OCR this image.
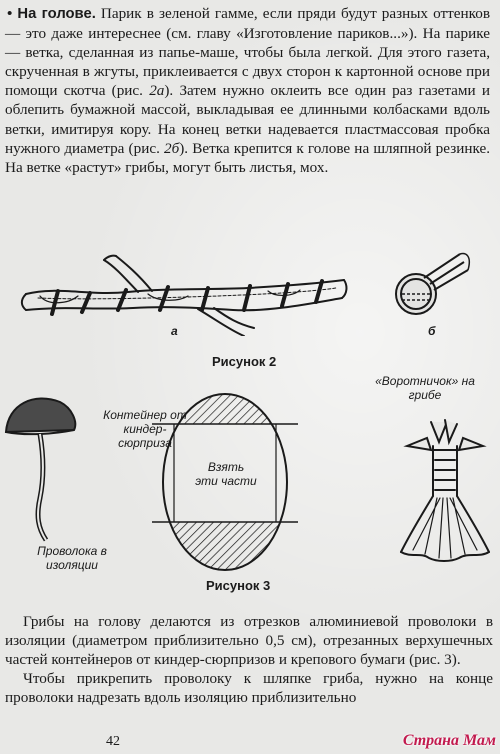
• На голове. Парик в зеленой гамме, если пряди будут разных оттенков — это даже интереснее (см. главу «Изготовление париков...»). На парике — ветка, сделанная из папье-маше, чтобы была легкой. Для этого газета, скрученная в жгуты, приклеивается с двух сторон к картонной основе при помощи скотча (рис. 2а). Затем нужно оклеить все один раз газетами и облепить бумажной массой, выкладывая ее длинными колбасками вдоль ветки, имитируя кору. На конец ветки надевается пластмассовая пробка нужного диаметра (рис. 2б). Ветка крепится к голове на шляпной резинке. На ветке «растут» грибы, могут быть листья, мох.

а	б
Рисунок 2
Проволока в изоляции
Контейнер от киндер-сюрприза
Взять эти части
«Воротничок» на грибе
Рисунок 3

Грибы на голову делаются из отрезков алюминиевой проволоки в изоляции (диаметром приблизительно 0,5 см), отрезанных верхушечных частей контейнеров от киндер-сюрпризов и крепового бумаги (рис. 3).

Чтобы прикрепить проволоку к шляпке гриба, нужно на конце проволоки надрезать вдоль изоляцию приблизительно

42	Страна Мам
